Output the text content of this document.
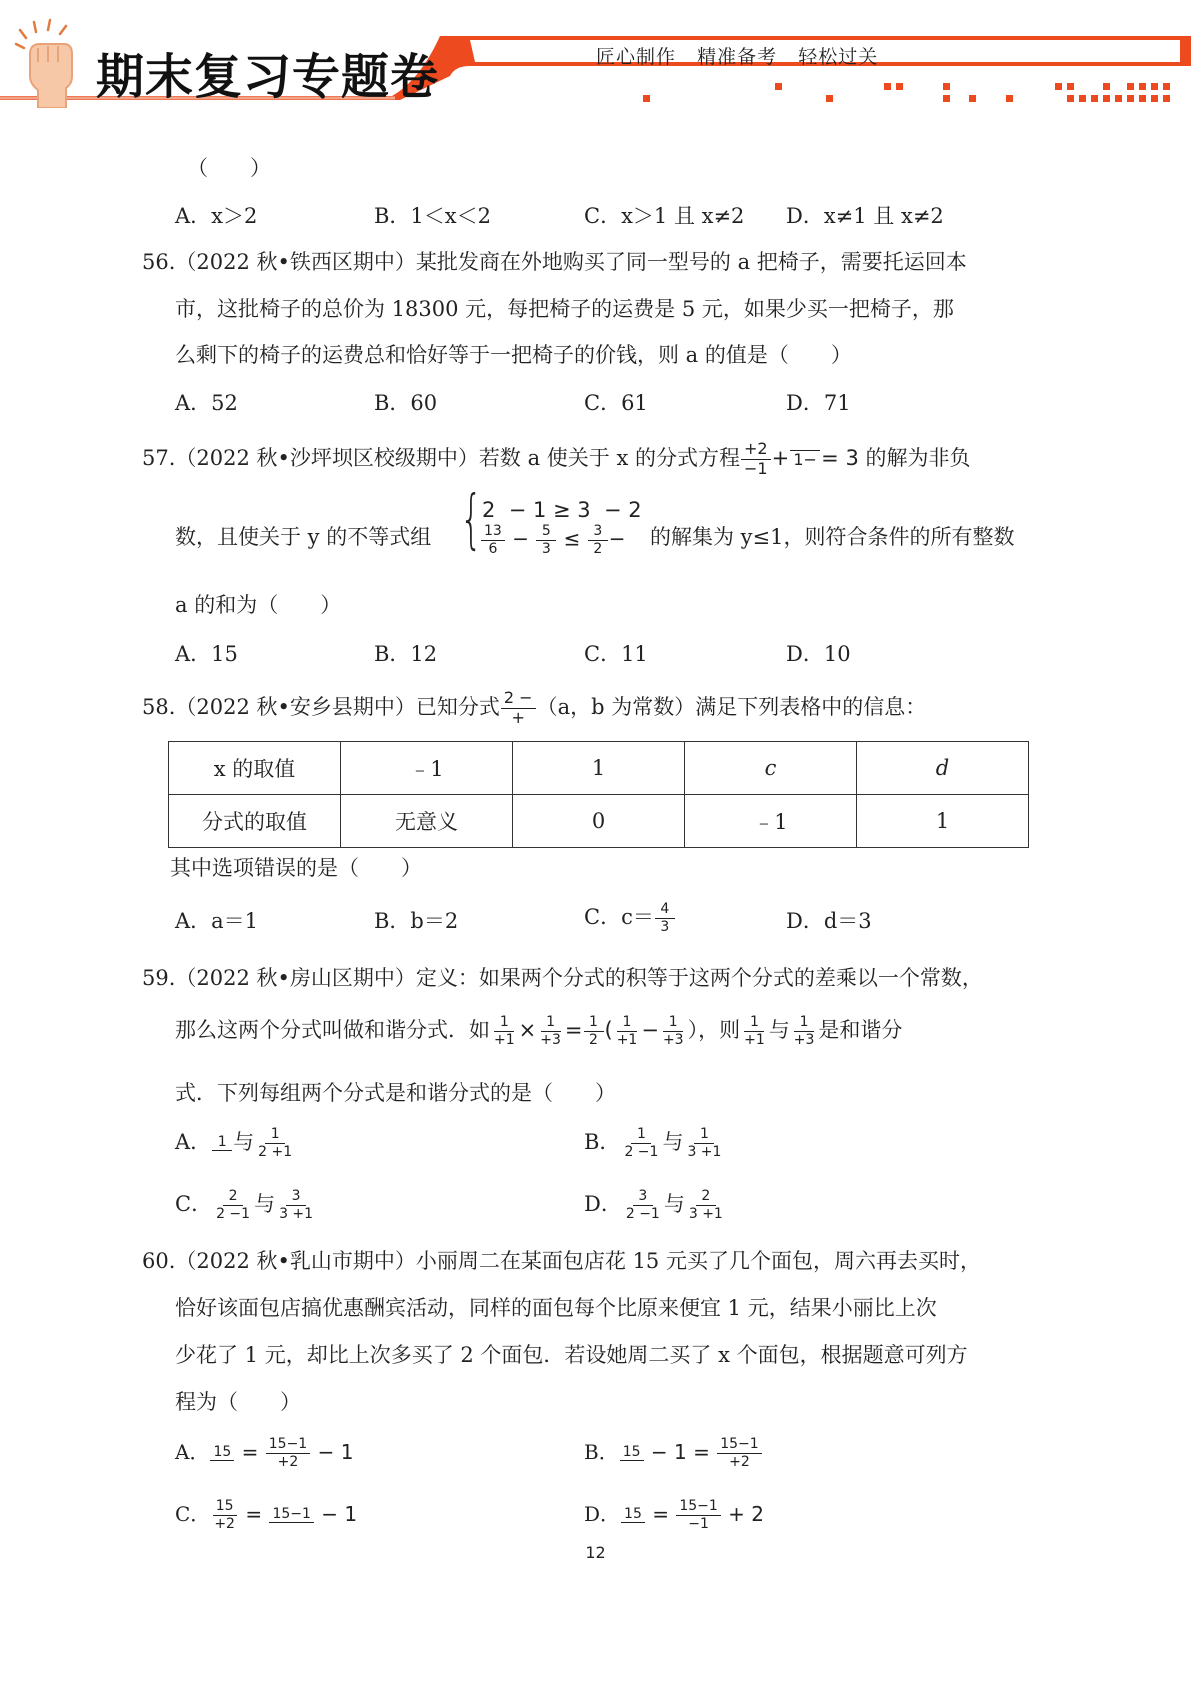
期末复习专题卷	匠心制作   精准备考   轻松过关
（　　）
A．x＞2	B．1＜x＜2	C．x＞1 且 x≠2 D．x≠1 且 x≠2
56.（2022 秋•铁西区期中）某批发商在外地购买了同一型号的 a 把椅子，需要托运回本
市，这批椅子的总价为 18300 元，每把椅子的运费是 5 元，如果少买一把椅子，那
么剩下的椅子的运费总和恰好等于一把椅子的价钱，则 a 的值是（　　）
A．52	B．60	C．61	D．71
57.（2022 秋•沙坪坝区校级期中）若数 a 使关于 x 的分式方程 $\frac{+2}{-1} + 1- = 3$ 的解为非负
数，且使关于 y 的不等式组 { 2  − 1 ≥ 3  − 2
$\frac{13}{6} - \frac{5}{3} \le \frac{3}{2}$ − 的解集为 y≤1，则符合条件的所有整数
a 的和为（　　）
A．15	B．12	C．11	D．10
58.（2022 秋•安乡县期中）已知分式 2 −
+ （a，b 为常数）满足下列表格中的信息：
x 的取值	﹣1	1	c	d
分式的取值	无意义	0	﹣1	1
其中选项错误的是（　　）
A．a＝1	B．b＝2	C．$c= \frac{4}{3}$	D．d＝3
59.（2022 秋•房山区期中）定义：如果两个分式的积等于这两个分式的差乘以一个常数，
那么这两个分式叫做和谐分式．如 $\frac{1}{+1} \times \frac{1}{+3} = \frac{1}{2}$ ( $\frac{1}{+1} - \frac{1}{+3}$ ），则 $\frac{1}{+1}$ 与 $\frac{1}{+3}$ 是和谐分
式．下列每组两个分式是和谐分式的是（　　）
A． 1 与 $\frac{1}{2 +1}$	B． $\frac{1}{2 -1}$ 与 $\frac{1}{3 +1}$
C． $\frac{2}{2 -1}$ 与 $\frac{3}{3 +1}$	D． $\frac{3}{2 -1}$ 与 $\frac{2}{3 +1}$
60.（2022 秋•乳山市期中）小丽周二在某面包店花 15 元买了几个面包，周六再去买时，
恰好该面包店搞优惠酬宾活动，同样的面包每个比原来便宜 1 元，结果小丽比上次
少花了 1 元，却比上次多买了 2 个面包．若设她周二买了 x 个面包，根据题意可列方
程为（　　）
A． $15 = \frac{15-1}{+2} - 1$	B． $15 - 1 = \frac{15-1}{+2}$
C． $\frac{15}{+2} = 15-1 - 1$	D． $15 = \frac{15-1}{-1} + 2$
12
